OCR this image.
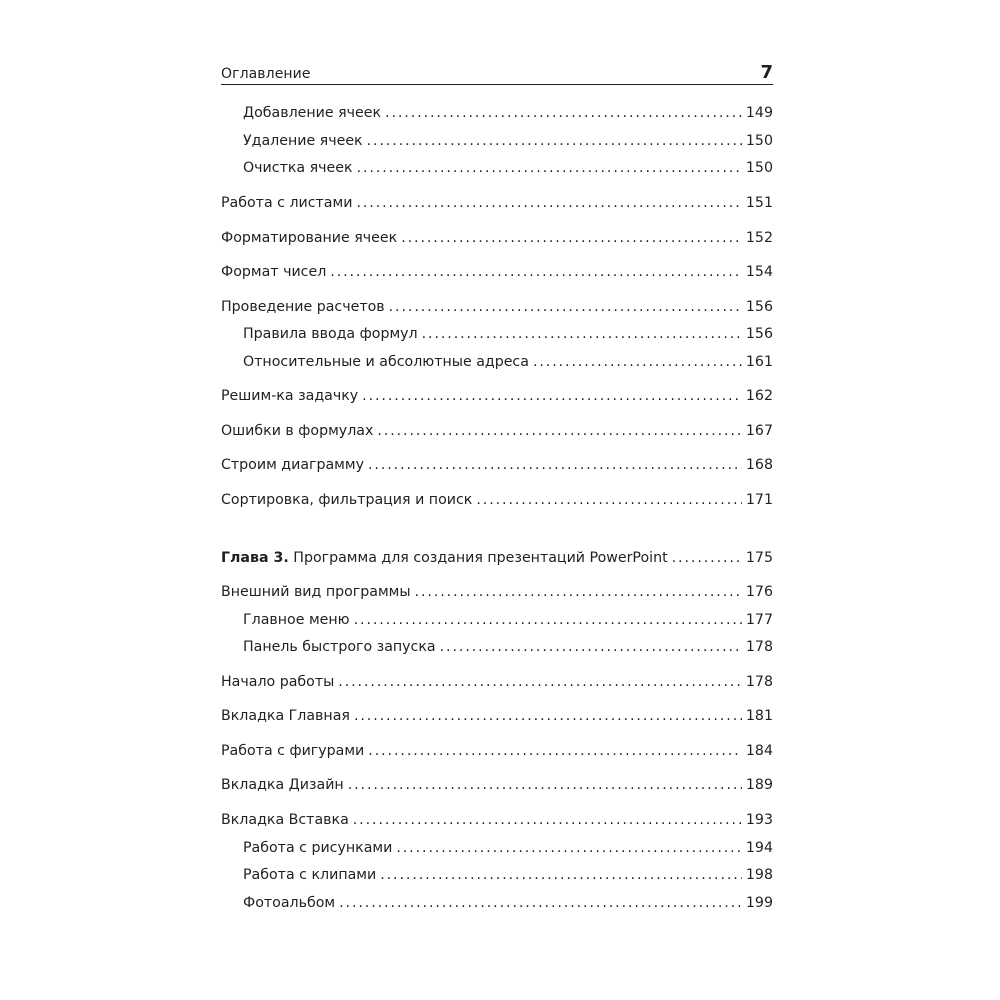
Оглавление	7
Добавление ячеек . . .	149
Удаление ячеек . . .	150
Очистка ячеек . . .	150
Работа с листами . . .	151
Форматирование ячеек . . .	152
Формат чисел . . .	154
Проведение расчетов . . .	156
Правила ввода формул . . .	156
Относительные и абсолютные адреса . . .	161
Решим-ка задачку . . .	162
Ошибки в формулах . . .	167
Строим диаграмму . . .	168
Сортировка, фильтрация и поиск . . .	171
Глава 3. Программа для создания презентаций PowerPoint . . .	175
Внешний вид программы . . .	176
Главное меню . . .	177
Панель быстрого запуска . . .	178
Начало работы . . .	178
Вкладка Главная . . .	181
Работа с фигурами . . .	184
Вкладка Дизайн . . .	189
Вкладка Вставка . . .	193
Работа с рисунками . . .	194
Работа с клипами . . .	198
Фотоальбом . . .	199
